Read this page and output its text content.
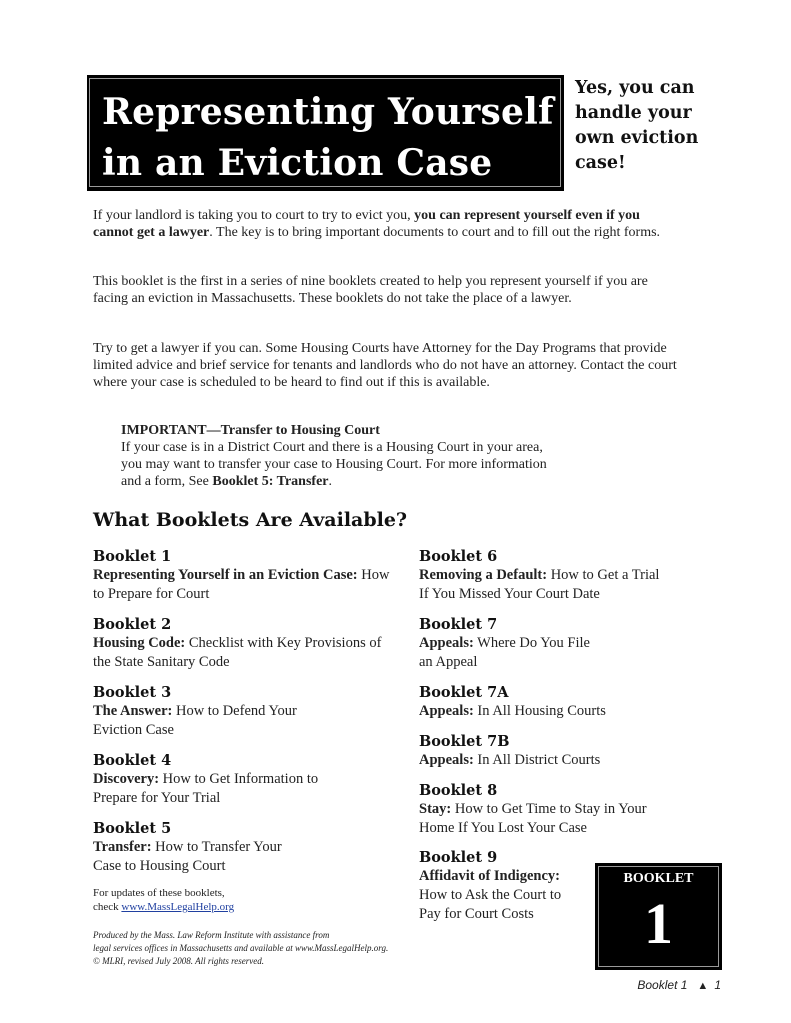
Representing Yourself
in an Eviction Case

Yes, you can
handle your
own eviction
case!

If your landlord is taking you to court to try to evict you, you can represent yourself even if you cannot get a lawyer. The key is to bring important documents to court and to fill out the right forms.

This booklet is the first in a series of nine booklets created to help you represent yourself if you are facing an eviction in Massachusetts. These booklets do not take the place of a lawyer.

Try to get a lawyer if you can. Some Housing Courts have Attorney for the Day Programs that provide limited advice and brief service for tenants and landlords who do not have an attorney. Contact the court where your case is scheduled to be heard to find out if this is available.

IMPORTANT—Transfer to Housing Court
If your case is in a District Court and there is a Housing Court in your area,
you may want to transfer your case to Housing Court. For more information
and a form, See Booklet 5: Transfer.
What Booklets Are Available?
Booklet 1
Representing Yourself in an Eviction Case: How to Prepare for Court
Booklet 2
Housing Code: Checklist with Key Provisions of the State Sanitary Code
Booklet 3
The Answer: How to Defend Your Eviction Case
Booklet 4
Discovery: How to Get Information to Prepare for Your Trial
Booklet 5
Transfer: How to Transfer Your Case to Housing Court
Booklet 6
Removing a Default: How to Get a Trial If You Missed Your Court Date
Booklet 7
Appeals: Where Do You File an Appeal
Booklet 7A
Appeals: In All Housing Courts
Booklet 7B
Appeals: In All District Courts
Booklet 8
Stay: How to Get Time to Stay in Your Home If You Lost Your Case
Booklet 9
Affidavit of Indigency: How to Ask the Court to Pay for Court Costs
For updates of these booklets,
check www.MassLegalHelp.org
Produced by the Mass. Law Reform Institute with assistance from
legal services offices in Massachusetts and available at www.MassLegalHelp.org.
© MLRI, revised July 2008. All rights reserved.
BOOKLET
1
Booklet 1 ▲ 1
